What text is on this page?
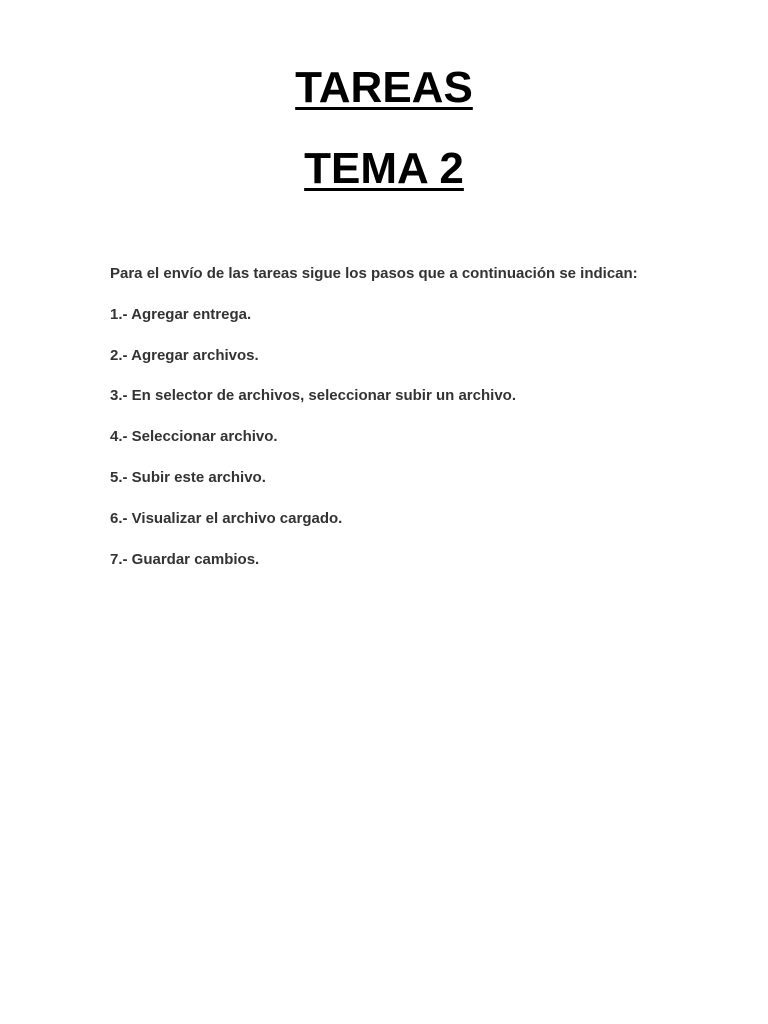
TAREAS
TEMA 2

Para el envío de las tareas sigue los pasos que a continuación se indican:

1.- Agregar entrega.

2.- Agregar archivos.

3.- En selector de archivos, seleccionar subir un archivo.

4.- Seleccionar archivo.

5.- Subir este archivo.

6.- Visualizar el archivo cargado.

7.- Guardar cambios.
